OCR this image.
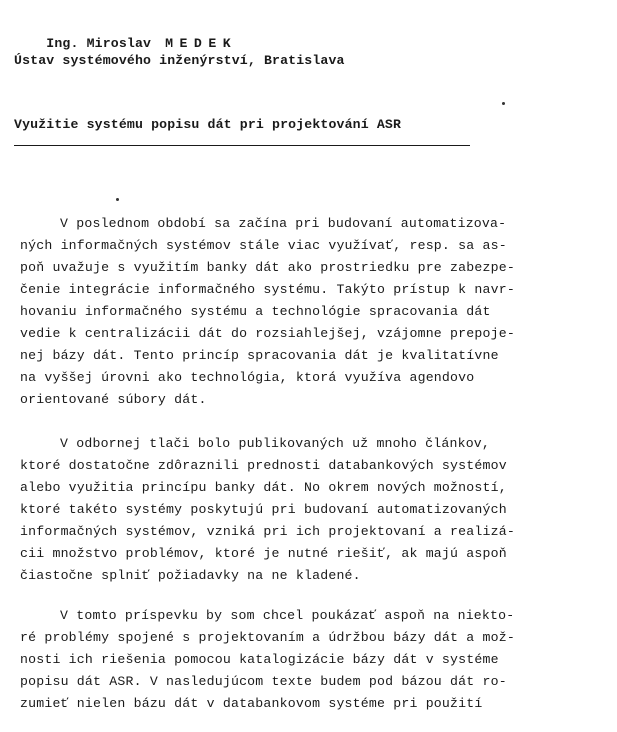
Ing. Miroslav MEDEK

Ústav systémového inženýrství, Bratislava
Využitie systému popisu dát pri projektování ASR
V poslednom období sa začína pri budovaní automatizova-
ných informačných systémov stále viac využívať, resp. sa as-
poň uvažuje s využitím banky dát ako prostriedku pre zabezpe-
čenie integrácie informačného systému. Takýto prístup k navr-
hovaniu informačného systému a technológie spracovania dát
vedie k centralizácii dát do rozsiahlejšej, vzájomne prepoje-
nej bázy dát. Tento princíp spracovania dát je kvalitatívne
na vyššej úrovni ako technológia, ktorá využíva agendovo
orientované súbory dát.
V odbornej tlači bolo publikovaných už mnoho článkov,
ktoré dostatočne zdôraznili prednosti databankových systémov
alebo využitia princípu banky dát. No okrem nových možností,
ktoré takéto systémy poskytujú pri budovaní automatizovaných
informačných systémov, vzniká pri ich projektovaní a realizá-
cii množstvo problémov, ktoré je nutné riešiť, ak majú aspoň
čiastočne splniť požiadavky na ne kladené.
V tomto príspevku by som chcel poukázať aspoň na niekto-
ré problémy spojené s projektovaním a údržbou bázy dát a mož-
nosti ich riešenia pomocou katalogizácie bázy dát v systéme
popisu dát ASR. V nasledujúcom texte budem pod bázou dát ro-
zumieť nielen bázu dát v databankovom systéme pri použití
